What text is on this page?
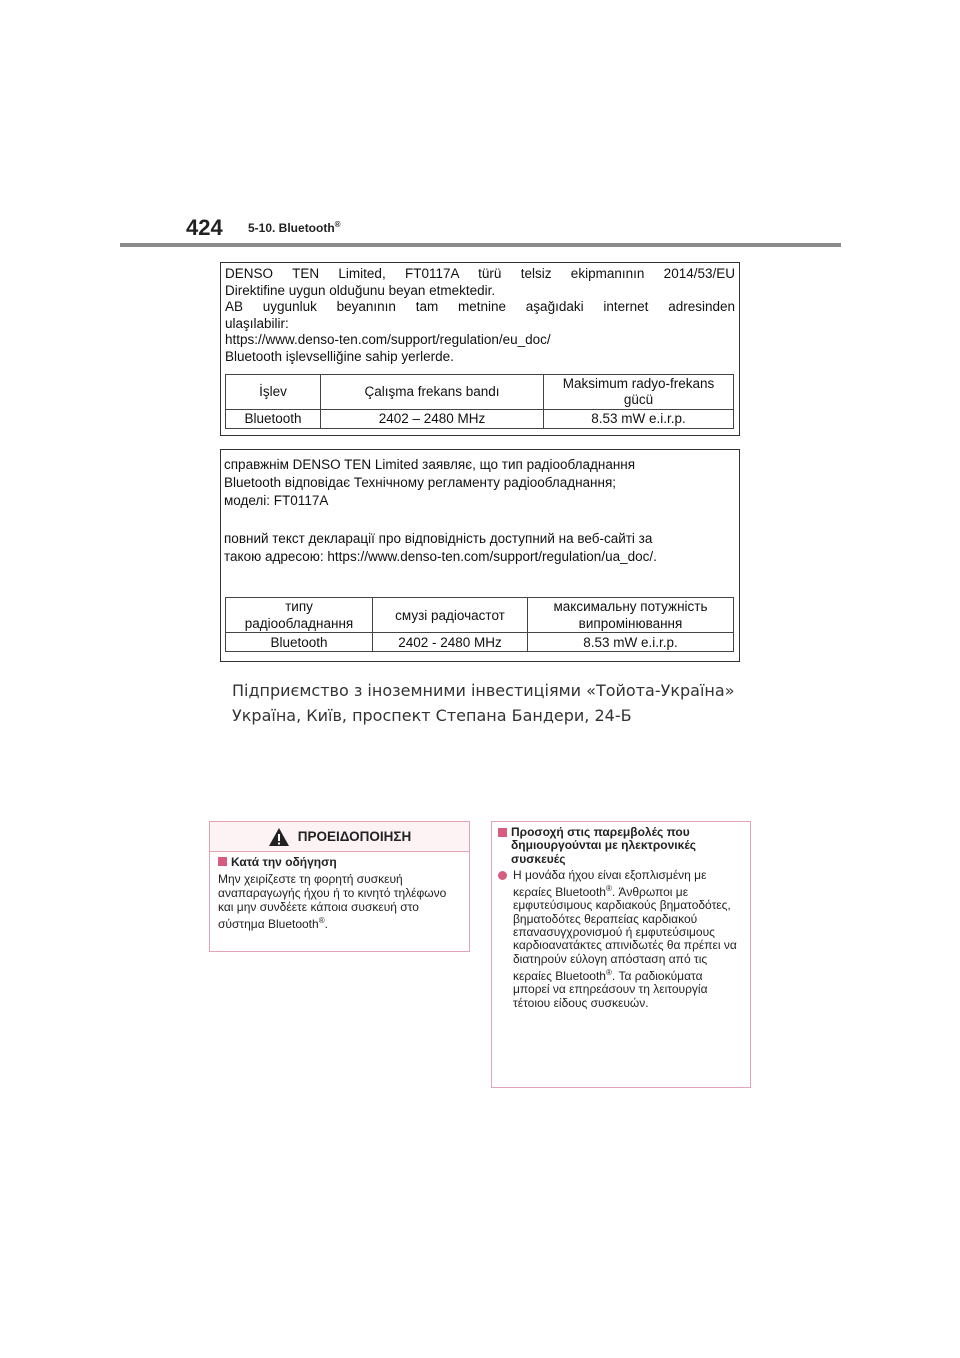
424 5-10. Bluetooth®
DENSO TEN Limited, FT0117A türü telsiz ekipmanının 2014/53/EU
Direktifine uygun olduğunu beyan etmektedir.
AB uygunluk beyanının tam metnine aşağıdaki internet adresinden
ulaşılabilir:
https://www.denso-ten.com/support/regulation/eu_doc/
Bluetooth işlevselliğine sahip yerlerde.
İşlev	Çalışma frekans bandı	Maksimum radyo-frekans gücü
Bluetooth	2402 – 2480 MHz	8.53 mW e.i.r.p.
справжнім DENSO TEN Limited заявляє, що тип радіообладнання
Bluetooth відповідає Технічному регламенту радіообладнання;
моделі: FT0117A
повний текст декларації про відповідність доступний на веб-сайті за
такою адресою: https://www.denso-ten.com/support/regulation/ua_doc/.
типу радіообладнання	смузі радіочастот	максимальну потужність випромінювання
Bluetooth	2402 - 2480 MHz	8.53 mW e.i.r.p.
Підприємство з іноземними інвестиціями «Тойота-Україна»
Україна, Київ, проспект Степана Бандери, 24-Б
ΠΡΟΕΙΔΟΠΟΙΗΣΗ
Κατά την οδήγηση
Μην χειρίζεστε τη φορητή συσκευή αναπαραγωγής ήχου ή το κινητό τηλέφωνο και μην συνδέετε κάποια συσκευή στο σύστημα Bluetooth®.
Προσοχή στις παρεμβολές που δημιουργούνται με ηλεκτρονικές συσκευές
Η μονάδα ήχου είναι εξοπλισμένη με κεραίες Bluetooth®. Άνθρωποι με εμφυτεύσιμους καρδιακούς βηματοδότες, βηματοδότες θεραπείας καρδιακού επανασυγχρονισμού ή εμφυτεύσιμους καρδιοανατάκτες απινιδωτές θα πρέπει να διατηρούν εύλογη απόσταση από τις κεραίες Bluetooth®. Τα ραδιοκύματα μπορεί να επηρεάσουν τη λειτουργία τέτοιου είδους συσκευών.
